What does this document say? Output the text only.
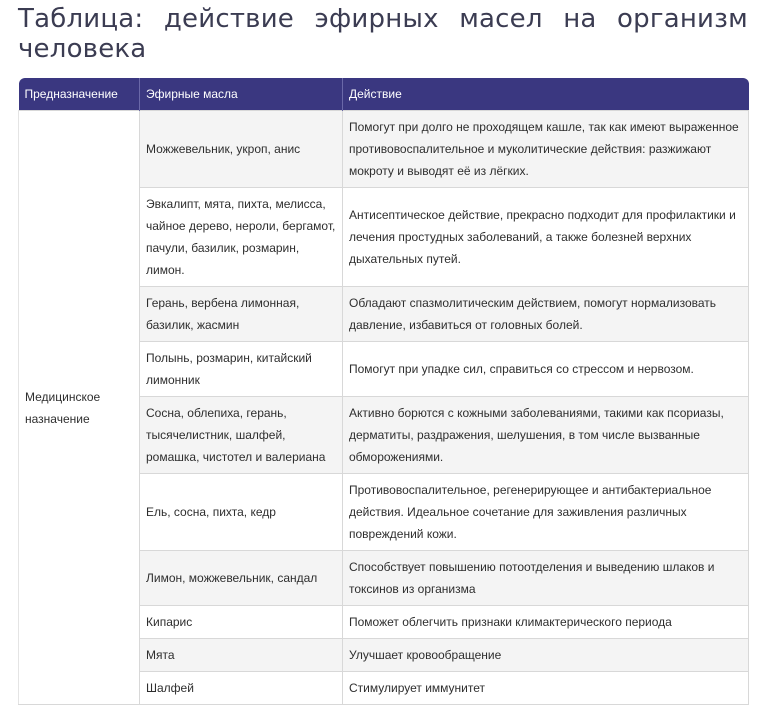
Таблица: действие эфирных масел на организм человека
Предназначение	Эфирные масла	Действие
Медицинское назначение	Можжевельник, укроп, анис	Помогут при долго не проходящем кашле, так как имеют выраженное противовоспалительное и муколитические действия: разжижают мокроту и выводят её из лёгких.
	Эвкалипт, мята, пихта, мелисса, чайное дерево, нероли, бергамот, пачули, базилик, розмарин, лимон.	Антисептическое действие, прекрасно подходит для профилактики и лечения простудных заболеваний, а также болезней верхних дыхательных путей.
	Герань, вербена лимонная, базилик, жасмин	Обладают спазмолитическим действием, помогут нормализовать давление, избавиться от головных болей.
	Полынь, розмарин, китайский лимонник	Помогут при упадке сил, справиться со стрессом и нервозом.
	Сосна, облепиха, герань, тысячелистник, шалфей, ромашка, чистотел и валериана	Активно борются с кожными заболеваниями, такими как псориазы, дерматиты, раздражения, шелушения, в том числе вызванные обморожениями.
	Ель, сосна, пихта, кедр	Противовоспалительное, регенерирующее и антибактериальное действия. Идеальное сочетание для заживления различных повреждений кожи.
	Лимон, можжевельник, сандал	Способствует повышению потоотделения и выведению шлаков и токсинов из организма
	Кипарис	Поможет облегчить признаки климактерического периода
	Мята	Улучшает кровообращение
	Шалфей	Стимулирует иммунитет
